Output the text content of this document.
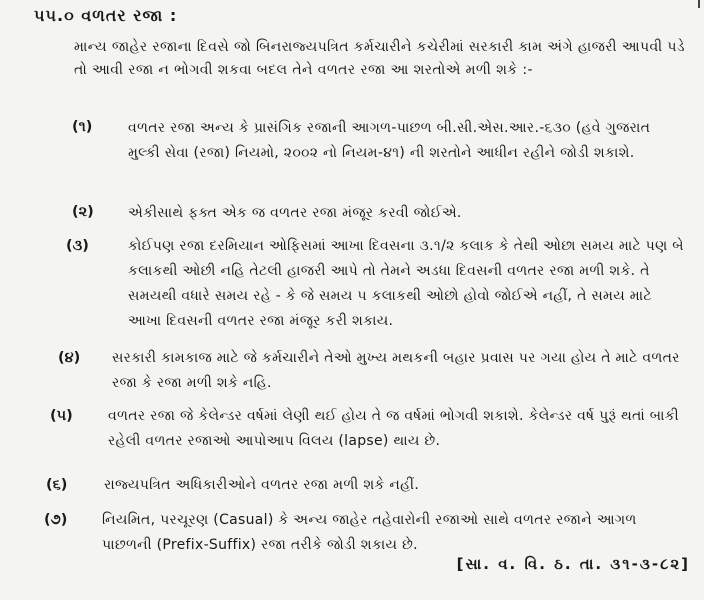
૫૫.૦ વળતર રજા :
માન્ય જાહેર રજાના દિવસે જો બિનરાજ્યપત્રિત કર્મચારીને કચેરીમાં સરકારી કામ અંગે હાજરી આપવી પડે તો આવી રજા ન ભોગવી શકવા બદલ તેને વળતર રજા આ શરતોએ મળી શકે :-
(૧)	વળતર રજા અન્ય કે પ્રાસંગિક રજાની આગળ-પાછળ બી.સી.એસ.આર.-૬૩૦ (હવે ગુજરાત મુલ્કી સેવા (રજા) નિયમો, ૨૦૦૨ નો નિયમ-૪૧) ની શરતોને આધીન રહીને જોડી શકાશે.
(૨) એકીસાથે ફક્ત એક જ વળતર રજા મંજૂર કરવી જોઈએ.
(૩)	કોઈપણ રજા દરમિયાન ઓફિસમાં આખા દિવસના ૩.૧/૨ કલાક કે તેથી ઓછા સમય માટે પણ બે કલાકથી ઓછી નહિ તેટલી હાજરી આપે તો તેમને અડધા દિવસની વળતર રજા મળી શકે. તે સમયથી વધારે સમય રહે - કે જે સમય ૫ કલાકથી ઓછો હોવો જોઈએ નહીં, તે સમય માટે આખા દિવસની વળતર રજા મંજૂર કરી શકાય.
(૪) સરકારી કામકાજ માટે જે કર્મચારીને તેઓ મુખ્ય મથકની બહાર પ્રવાસ પર ગયા હોય તે માટે વળતર રજા કે રજા મળી શકે નહિ.
(૫)	વળતર રજા જે કેલેન્ડર વર્ષમાં લેણી થઈ હોય તે જ વર્ષમાં ભોગવી શકાશે. કેલેન્ડર વર્ષ પુરૂં થતાં બાકી રહેલી વળતર રજાઓ આપોઆપ વિલય (lapse) થાય છે.
(૬)	રાજ્યપત્રિત અધિકારીઓને વળતર રજા મળી શકે નહીં.
(૭) નિયમિત, પરચૂરણ (Casual) કે અન્ય જાહેર તહેવારોની રજાઓ સાથે વળતર રજાને આગળ પાછળની (Prefix-Suffix) રજા તરીકે જોડી શકાય છે.
[સા. વ. વિ. ઠ. તા. ૩૧-૩-૮૨]
